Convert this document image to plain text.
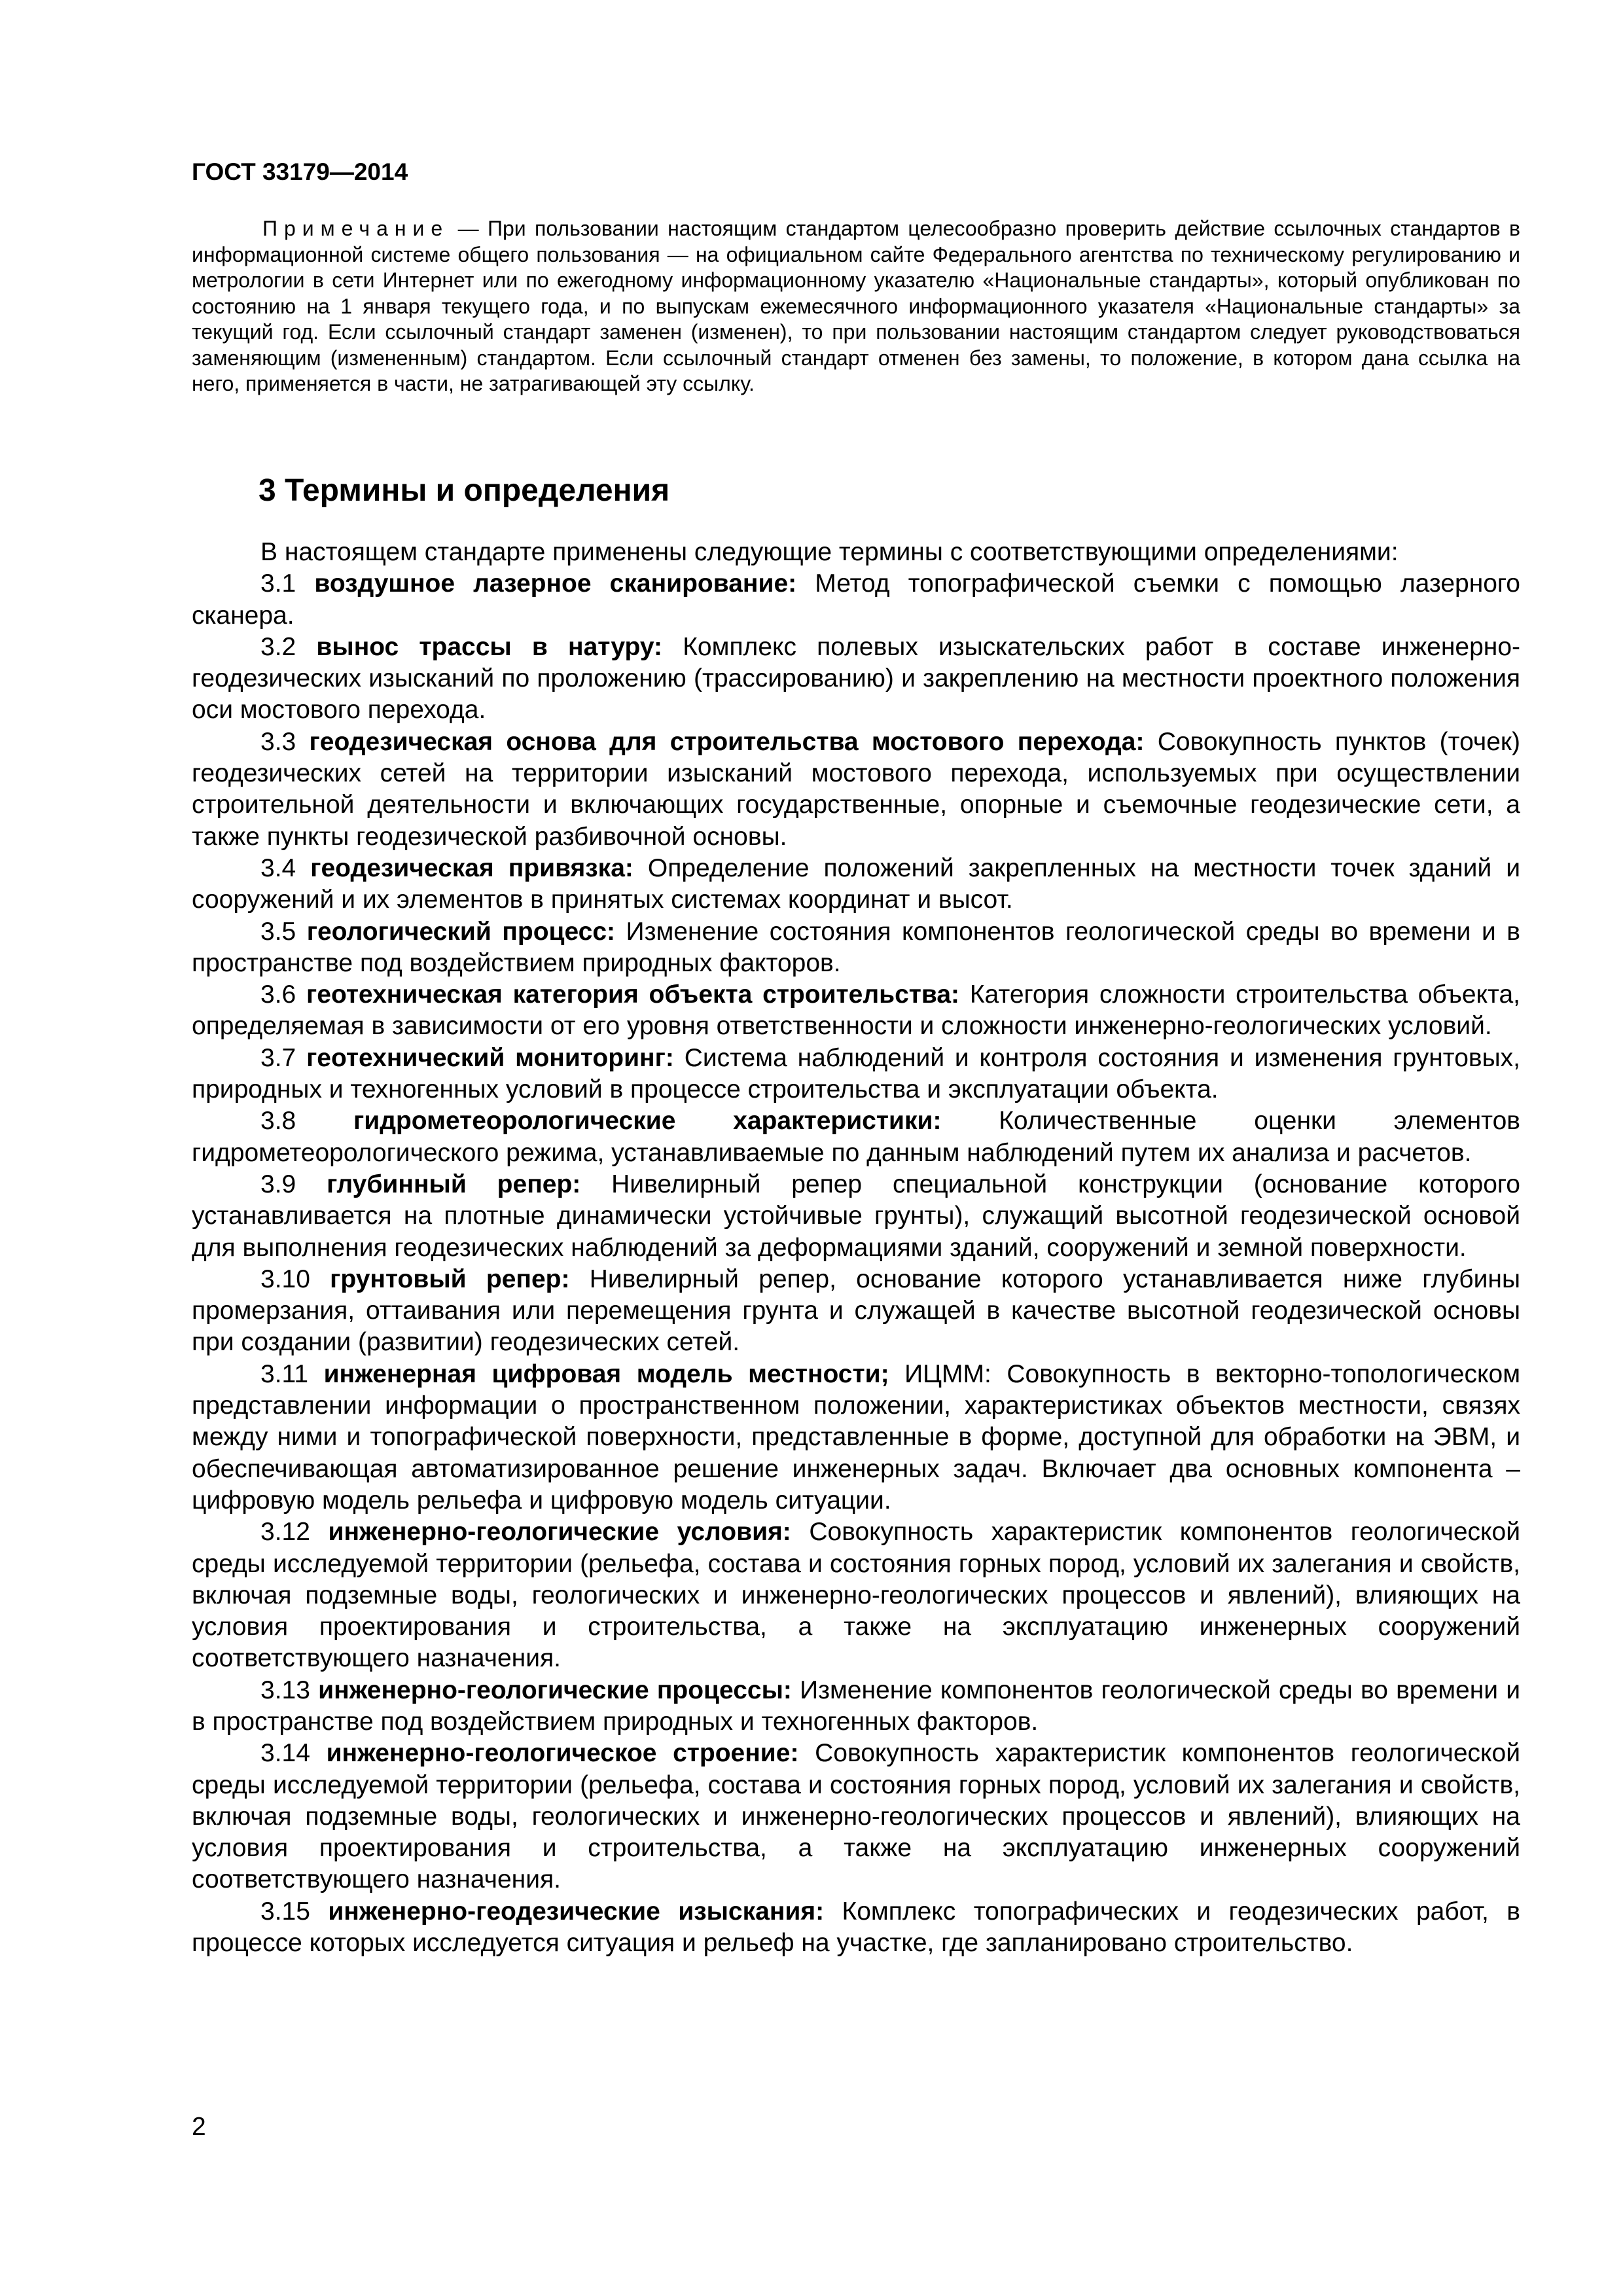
ГОСТ 33179—2014

Примечание — При пользовании настоящим стандартом целесообразно проверить действие ссылочных стандартов в информационной системе общего пользования — на официальном сайте Федерального агентства по техническому регулированию и метрологии в сети Интернет или по ежегодному информационному указателю «Национальные стандарты», который опубликован по состоянию на 1 января текущего года, и по выпускам ежемесячного информационного указателя «Национальные стандарты» за текущий год. Если ссылочный стандарт заменен (изменен), то при пользовании настоящим стандартом следует руководствоваться заменяющим (измененным) стандартом. Если ссылочный стандарт отменен без замены, то положение, в котором дана ссылка на него, применяется в части, не затрагивающей эту ссылку.

3 Термины и определения

В настоящем стандарте применены следующие термины с соответствующими определениями:

3.1 воздушное лазерное сканирование: Метод топографической съемки с помощью лазерного сканера.

3.2 вынос трассы в натуру: Комплекс полевых изыскательских работ в составе инженерно-геодезических изысканий по проложению (трассированию) и закреплению на местности проектного положения оси мостового перехода.

3.3 геодезическая основа для строительства мостового перехода: Совокупность пунктов (точек) геодезических сетей на территории изысканий мостового перехода, используемых при осуществлении строительной деятельности и включающих государственные, опорные и съемочные геодезические сети, а также пункты геодезической разбивочной основы.

3.4 геодезическая привязка: Определение положений закрепленных на местности точек зданий и сооружений и их элементов в принятых системах координат и высот.

3.5 геологический процесс: Изменение состояния компонентов геологической среды во времени и в пространстве под воздействием природных факторов.

3.6 геотехническая категория объекта строительства: Категория сложности строительства объекта, определяемая в зависимости от его уровня ответственности и сложности инженерно-геологических условий.

3.7 геотехнический мониторинг: Система наблюдений и контроля состояния и изменения грунтовых, природных и техногенных условий в процессе строительства и эксплуатации объекта.

3.8 гидрометеорологические характеристики: Количественные оценки элементов гидрометеорологического режима, устанавливаемые по данным наблюдений путем их анализа и расчетов.

3.9 глубинный репер: Нивелирный репер специальной конструкции (основание которого устанавливается на плотные динамически устойчивые грунты), служащий высотной геодезической основой для выполнения геодезических наблюдений за деформациями зданий, сооружений и земной поверхности.

3.10 грунтовый репер: Нивелирный репер, основание которого устанавливается ниже глубины промерзания, оттаивания или перемещения грунта и служащей в качестве высотной геодезической основы при создании (развитии) геодезических сетей.

3.11 инженерная цифровая модель местности; ИЦММ: Совокупность в векторно-топологическом представлении информации о пространственном положении, характеристиках объектов местности, связях между ними и топографической поверхности, представленные в форме, доступной для обработки на ЭВМ, и обеспечивающая автоматизированное решение инженерных задач. Включает два основных компонента – цифровую модель рельефа и цифровую модель ситуации.

3.12 инженерно-геологические условия: Совокупность характеристик компонентов геологической среды исследуемой территории (рельефа, состава и состояния горных пород, условий их залегания и свойств, включая подземные воды, геологических и инженерно-геологических процессов и явлений), влияющих на условия проектирования и строительства, а также на эксплуатацию инженерных сооружений соответствующего назначения.

3.13 инженерно-геологические процессы: Изменение компонентов геологической среды во времени и в пространстве под воздействием природных и техногенных факторов.

3.14 инженерно-геологическое строение: Совокупность характеристик компонентов геологической среды исследуемой территории (рельефа, состава и состояния горных пород, условий их залегания и свойств, включая подземные воды, геологических и инженерно-геологических процессов и явлений), влияющих на условия проектирования и строительства, а также на эксплуатацию инженерных сооружений соответствующего назначения.

3.15 инженерно-геодезические изыскания: Комплекс топографических и геодезических работ, в процессе которых исследуется ситуация и рельеф на участке, где запланировано строительство.

2
